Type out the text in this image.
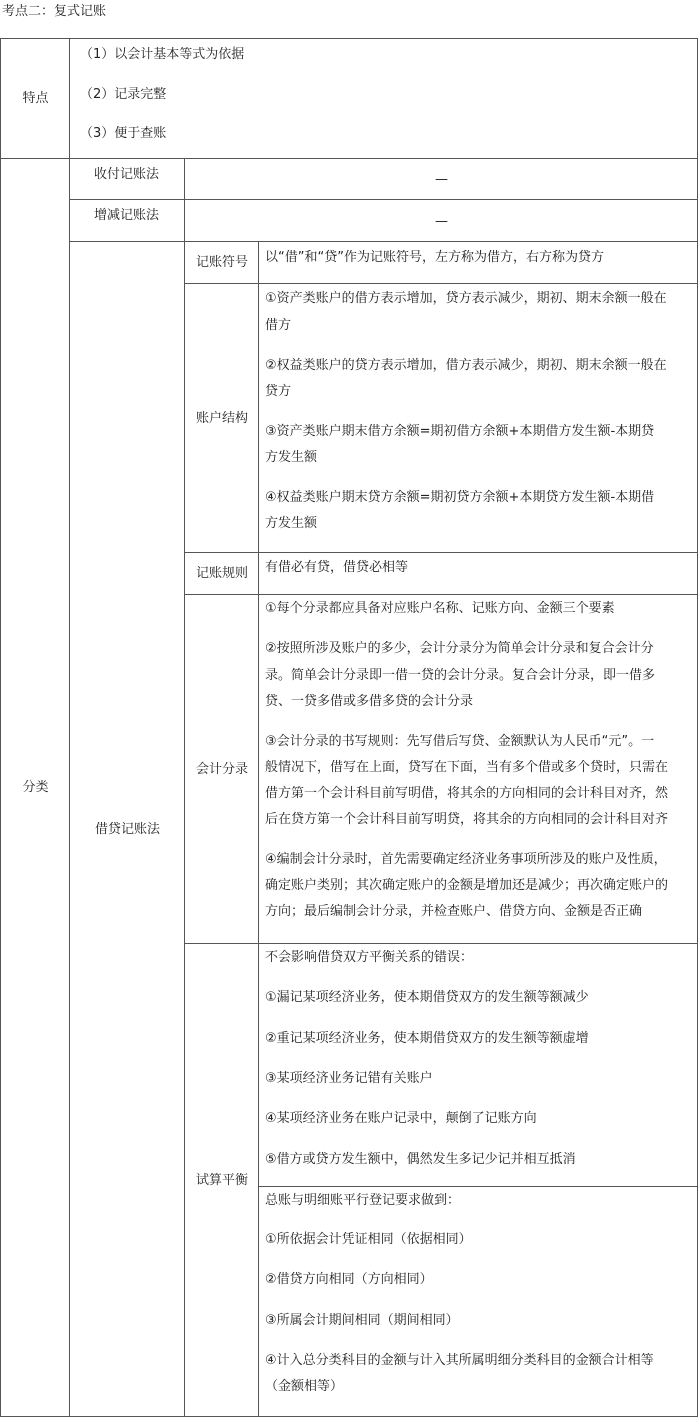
考点二：复式记账
特点
（1）以会计基本等式为依据
（2）记录完整
（3）便于查账
分类
收付记账法	—
增减记账法	—
借贷记账法
记账符号 以“借”和“贷”作为记账符号，左方称为借方，右方称为贷方
账户结构
①资产类账户的借方表示增加，贷方表示减少，期初、期末余额一般在
借方
②权益类账户的贷方表示增加，借方表示减少，期初、期末余额一般在
贷方
③资产类账户期末借方余额=期初借方余额+本期借方发生额-本期贷
方发生额
④权益类账户期末贷方余额=期初贷方余额+本期贷方发生额-本期借
方发生额
记账规则 有借必有贷，借贷必相等
会计分录
①每个分录都应具备对应账户名称、记账方向、金额三个要素
②按照所涉及账户的多少，会计分录分为简单会计分录和复合会计分
录。简单会计分录即一借一贷的会计分录。复合会计分录，即一借多
贷、一贷多借或多借多贷的会计分录
③会计分录的书写规则：先写借后写贷、金额默认为人民币“元”。一
般情况下，借写在上面，贷写在下面，当有多个借或多个贷时，只需在
借方第一个会计科目前写明借，将其余的方向相同的会计科目对齐，然
后在贷方第一个会计科目前写明贷，将其余的方向相同的会计科目对齐
④编制会计分录时，首先需要确定经济业务事项所涉及的账户及性质，
确定账户类别；其次确定账户的金额是增加还是减少；再次确定账户的
方向；最后编制会计分录，并检查账户、借贷方向、金额是否正确
试算平衡
不会影响借贷双方平衡关系的错误：
①漏记某项经济业务，使本期借贷双方的发生额等额减少
②重记某项经济业务，使本期借贷双方的发生额等额虚增
③某项经济业务记错有关账户
④某项经济业务在账户记录中，颠倒了记账方向
⑤借方或贷方发生额中，偶然发生多记少记并相互抵消
总账与明细账平行登记要求做到：
①所依据会计凭证相同（依据相同）
②借贷方向相同（方向相同）
③所属会计期间相同（期间相同）
④计入总分类科目的金额与计入其所属明细分类科目的金额合计相等
（金额相等）
